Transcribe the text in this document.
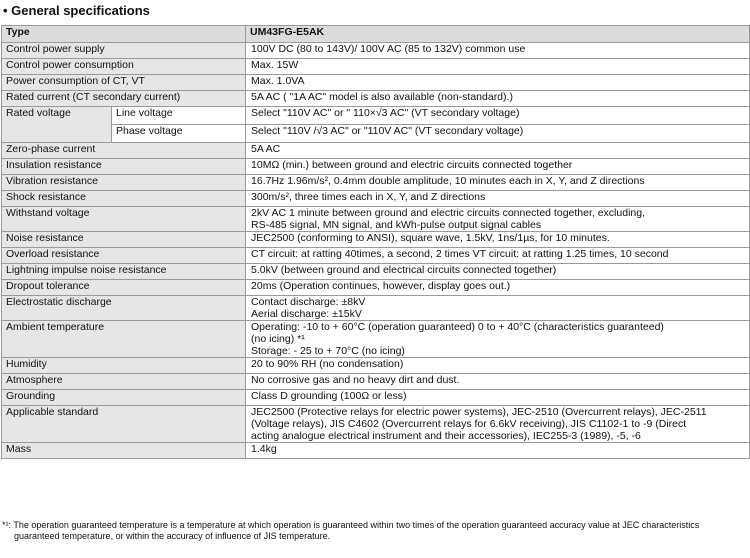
• General specifications
Type		UM43FG-E5AK
Control power supply		100V DC (80 to 143V)/ 100V AC (85 to 132V) common use
Control power consumption		Max. 15W
Power consumption of CT, VT		Max. 1.0VA
Rated current (CT secondary current)		5A AC ( "1A AC" model is also available (non-standard).)
Rated voltage	Line voltage	Select "110V AC" or " 110×√3 AC" (VT secondary voltage)
	Phase voltage	Select "110V /√3 AC" or "110V AC" (VT secondary voltage)
Zero-phase current		5A AC
Insulation resistance		10MΩ (min.) between ground and electric circuits connected together
Vibration resistance		16.7Hz 1.96m/s², 0.4mm double amplitude, 10 minutes each in X, Y, and Z directions
Shock resistance		300m/s², three times each in X, Y, and Z directions
Withstand voltage		2kV AC 1 minute between ground and electric circuits connected together, excluding,
RS-485 signal, MN signal, and kWh-pulse output signal cables

Noise resistance		JEC2500 (conforming to ANSI), square wave, 1.5kV, 1ns/1µs, for 10 minutes.
Overload resistance		CT circuit: at ratting 40times, a second, 2 times VT circuit: at ratting 1.25 times, 10 second
Lightning impulse noise resistance		5.0kV (between ground and electrical circuits connected together)
Dropout tolerance		20ms (Operation continues, however, display goes out.)
Electrostatic discharge		Contact discharge: ±8kV
Aerial discharge: ±15kV

Ambient temperature		Operating: -10 to + 60°C (operation guaranteed) 0 to + 40°C (characteristics guaranteed)
(no icing) *¹
Storage: - 25 to + 70°C (no icing)

Humidity		20 to 90% RH (no condensation)
Atmosphere		No corrosive gas and no heavy dirt and dust.
Grounding		Class D grounding (100Ω or less)
Applicable standard		JEC2500 (Protective relays for electric power systems), JEC-2510 (Overcurrent relays), JEC-2511
(Voltage relays), JIS C4602 (Overcurrent relays for 6.6kV receiving), JIS C1102-1 to -9 (Direct
acting analogue electrical instrument and their accessories), IEC255-3 (1989), -5, -6

Mass		1.4kg
*¹: The operation guaranteed temperature is a temperature at which operation is guaranteed within two times of the operation guaranteed accuracy value at JEC characteristics
guaranteed temperature, or within the accuracy of influence of JIS temperature.
